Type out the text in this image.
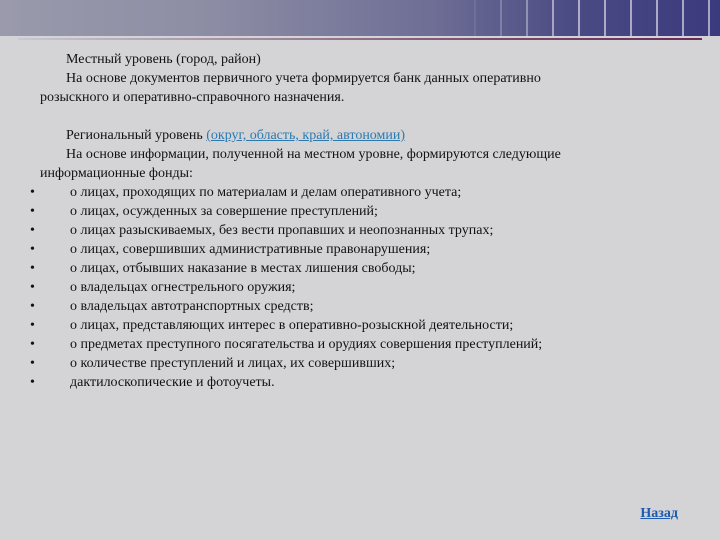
Местный уровень (город, район)
На основе документов первичного учета формируется банк данных оперативно
розыскного и оперативно-справочного назначения.
Региональный уровень (округ, область, край, автономии)
На основе информации, полученной на местном уровне, формируются следующие
информационные фонды:
•	о лицах, проходящих по материалам и делам оперативного учета;
•	о лицах, осужденных за совершение преступлений;
•	о лицах разыскиваемых, без вести пропавших и неопознанных трупах;
•	о лицах, совершивших административные правонарушения;
•	о лицах, отбывших наказание в местах лишения свободы;
•	о владельцах огнестрельного оружия;
•	о владельцах автотранспортных средств;
•	о лицах, представляющих интерес в оперативно-розыскной деятельности;
•	о предметах преступного посягательства и орудиях совершения преступлений;
•	о количестве преступлений и лицах, их совершивших;
•	дактилоскопические и фотоучеты.
Назад
